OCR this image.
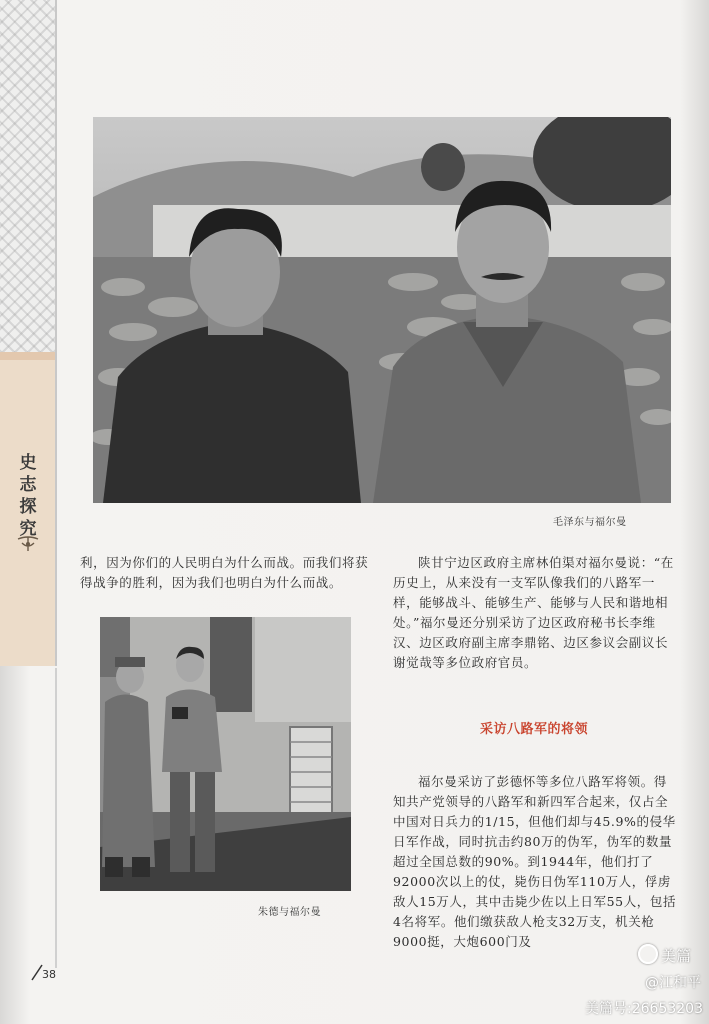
史
志
探
究	毛泽东与福尔曼

利，因为你们的人民明白为什么而战。而我们将获得战争的胜利，因为我们也明白为什么而战。

朱德与福尔曼

陕甘宁边区政府主席林伯渠对福尔曼说：“在历史上，从来没有一支军队像我们的八路军一样，能够战斗、能够生产、能够与人民和谐地相处。”福尔曼还分别采访了边区政府秘书长李维汉、边区政府副主席李鼎铭、边区参议会副议长谢觉哉等多位政府官员。

采访八路军的将领

福尔曼采访了彭德怀等多位八路军将领。得知共产党领导的八路军和新四军合起来，仅占全中国对日兵力的1/15，但他们却与45.9%的侵华日军作战，同时抗击约80万的伪军，伪军的数量超过全国总数的90%。到1944年，他们打了92000次以上的仗，毙伤日伪军110万人，俘虏敌人15万人，其中击毙少佐以上日军55人，包括4名将军。他们缴获敌人枪支32万支，机关枪9000挺，大炮600门及

38
美篇
@江和平
美篇号:26653203
